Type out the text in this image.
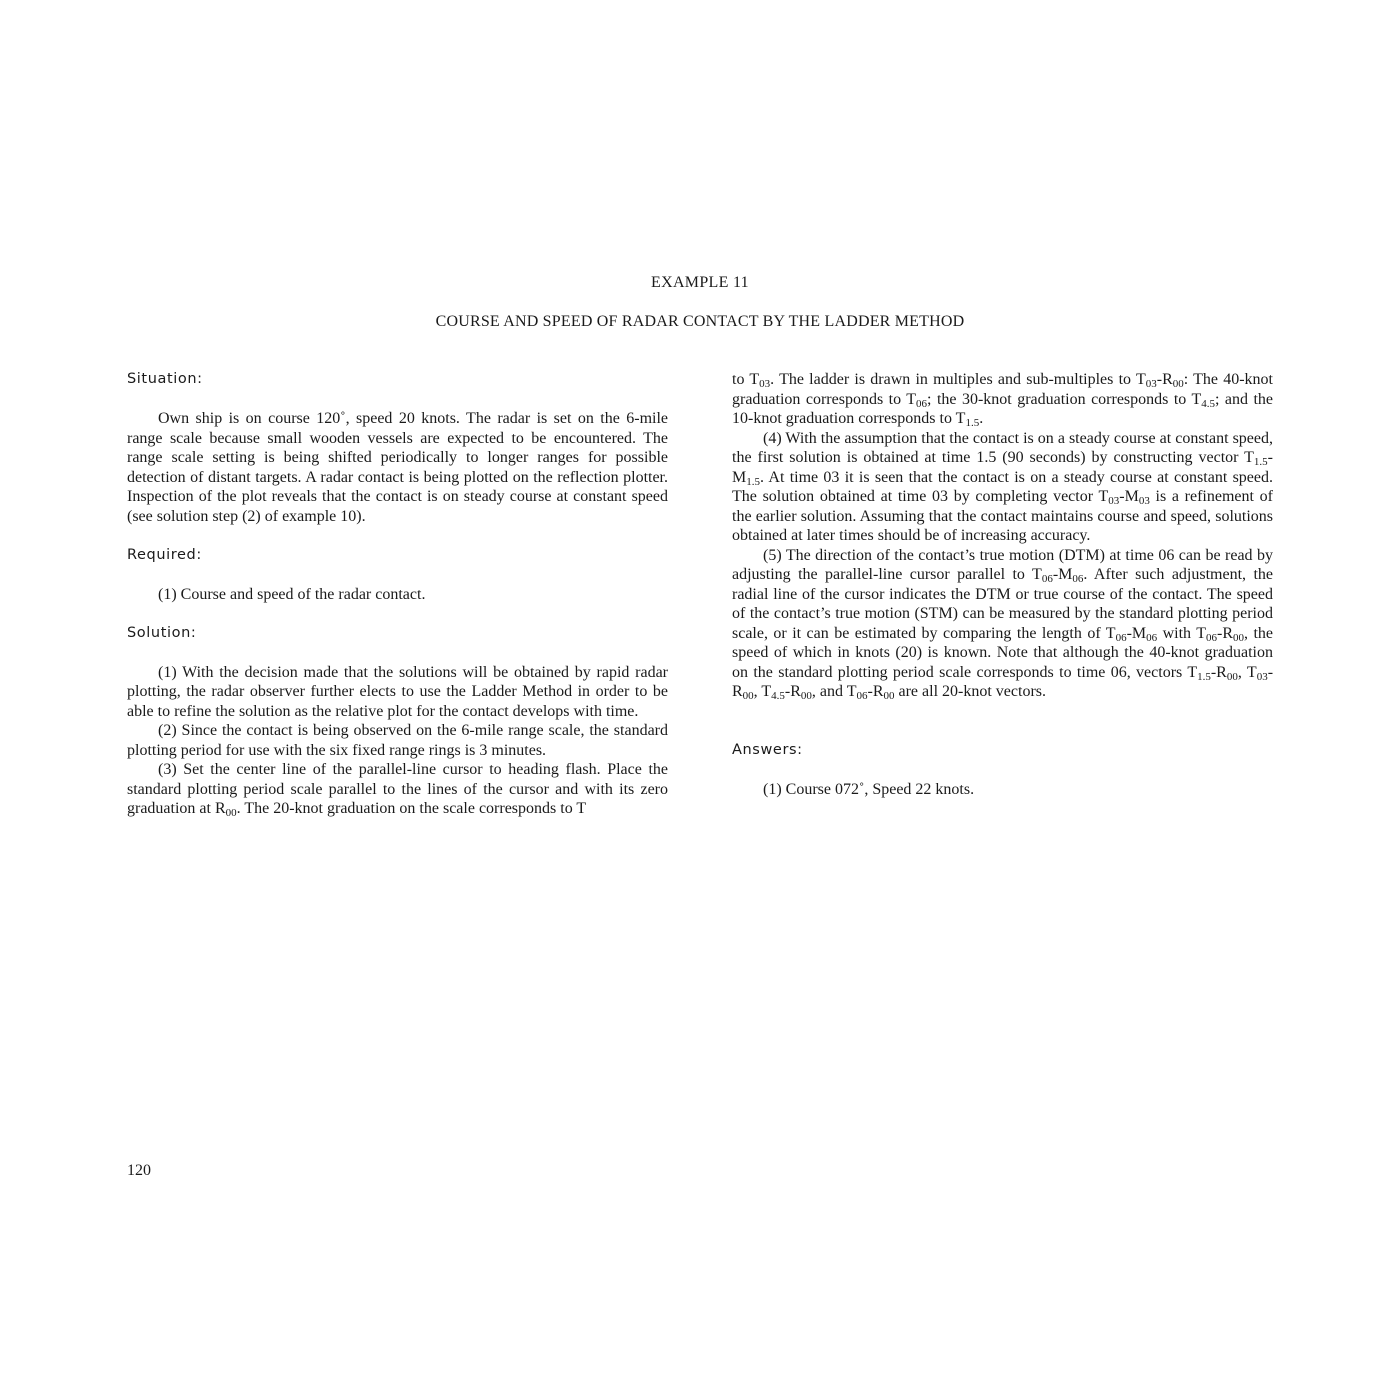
EXAMPLE 11
COURSE AND SPEED OF RADAR CONTACT BY THE LADDER METHOD

Situation:

Own ship is on course 120˚, speed 20 knots. The radar is set on the 6-mile range scale because small wooden vessels are expected to be encountered. The range scale setting is being shifted periodically to longer ranges for possible detection of distant targets. A radar contact is being plotted on the reflection plotter. Inspection of the plot reveals that the contact is on steady course at constant speed (see solution step (2) of example 10).

Required:

(1) Course and speed of the radar contact.

Solution:

(1) With the decision made that the solutions will be obtained by rapid radar plotting, the radar observer further elects to use the Ladder Method in order to be able to refine the solution as the relative plot for the contact develops with time.

(2) Since the contact is being observed on the 6-mile range scale, the standard plotting period for use with the six fixed range rings is 3 minutes.

(3) Set the center line of the parallel-line cursor to heading flash. Place the standard plotting period scale parallel to the lines of the cursor and with its zero graduation at $R_{00}$. The 20-knot graduation on the scale corresponds to T

to $T_{03}$. The ladder is drawn in multiples and sub-multiples to $T_{03}-R_{00}$: The 40-knot graduation corresponds to $T_{06}$; the 30-knot graduation corresponds to $T_{4.5}$; and the 10-knot graduation corresponds to $T_{1.5}$.

(4) With the assumption that the contact is on a steady course at constant speed, the first solution is obtained at time 1.5 (90 seconds) by constructing vector $T_{1.5}-M_{1.5}$. At time 03 it is seen that the contact is on a steady course at constant speed. The solution obtained at time 03 by completing vector $T_{03}-M_{03}$ is a refinement of the earlier solution. Assuming that the contact maintains course and speed, solutions obtained at later times should be of increasing accuracy.

(5) The direction of the contact’s true motion (DTM) at time 06 can be read by adjusting the parallel-line cursor parallel to $T_{06}-M_{06}$. After such adjustment, the radial line of the cursor indicates the DTM or true course of the contact. The speed of the contact’s true motion (STM) can be measured by the standard plotting period scale, or it can be estimated by comparing the length of $T_{06}-M_{06}$ with $T_{06}-R_{00}$, the speed of which in knots (20) is known. Note that although the 40-knot graduation on the standard plotting period scale corresponds to time 06, vectors $T_{1.5}-R_{00}$, $T_{03}-R_{00}$, $T_{4.5}-R_{00}$, and $T_{06}-R_{00}$ are all 20-knot vectors.

Answers:

(1) Course 072˚, Speed 22 knots.

120
